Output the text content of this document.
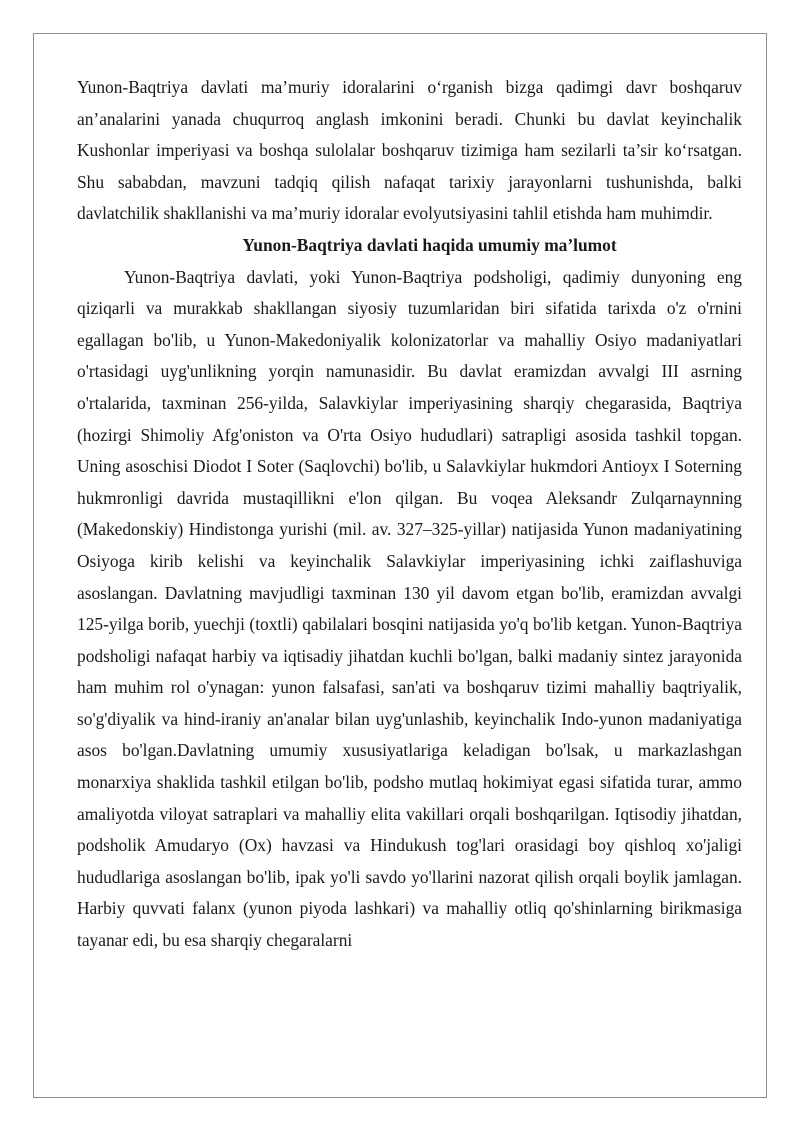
Yunon-Baqtriya davlati ma’muriy idoralarini o‘rganish bizga qadimgi davr boshqaruv an’analarini yanada chuqurroq anglash imkonini beradi. Chunki bu davlat keyinchalik Kushonlar imperiyasi va boshqa sulolalar boshqaruv tizimiga ham sezilarli ta’sir ko‘rsatgan. Shu sababdan, mavzuni tadqiq qilish nafaqat tarixiy jarayonlarni tushunishda, balki davlatchilik shakllanishi va ma’muriy idoralar evolyutsiyasini tahlil etishda ham muhimdir.

Yunon-Baqtriya davlati haqida umumiy ma’lumot

Yunon-Baqtriya davlati, yoki Yunon-Baqtriya podsholigi, qadimiy dunyoning eng qiziqarli va murakkab shakllangan siyosiy tuzumlaridan biri sifatida tarixda o'z o'rnini egallagan bo'lib, u Yunon-Makedoniyalik kolonizatorlar va mahalliy Osiyo madaniyatlari o'rtasidagi uyg'unlikning yorqin namunasidir. Bu davlat eramizdan avvalgi III asrning o'rtalarida, taxminan 256-yilda, Salavkiylar imperiyasining sharqiy chegarasida, Baqtriya (hozirgi Shimoliy Afg'oniston va O'rta Osiyo hududlari) satrapligi asosida tashkil topgan. Uning asoschisi Diodot I Soter (Saqlovchi) bo'lib, u Salavkiylar hukmdori Antioyx I Soterning hukmronligi davrida mustaqillikni e'lon qilgan. Bu voqea Aleksandr Zulqarnaynning (Makedonskiy) Hindistonga yurishi (mil. av. 327–325-yillar) natijasida Yunon madaniyatining Osiyoga kirib kelishi va keyinchalik Salavkiylar imperiyasining ichki zaiflashuviga asoslangan. Davlatning mavjudligi taxminan 130 yil davom etgan bo'lib, eramizdan avvalgi 125-yilga borib, yuechji (toxtli) qabilalari bosqini natijasida yo'q bo'lib ketgan. Yunon-Baqtriya podsholigi nafaqat harbiy va iqtisadiy jihatdan kuchli bo'lgan, balki madaniy sintez jarayonida ham muhim rol o'ynagan: yunon falsafasi, san'ati va boshqaruv tizimi mahalliy baqtriyalik, so'g'diyalik va hind-iraniy an'analar bilan uyg'unlashib, keyinchalik Indo-yunon madaniyatiga asos bo'lgan.Davlatning umumiy xususiyatlariga keladigan bo'lsak, u markazlashgan monarxiya shaklida tashkil etilgan bo'lib, podsho mutlaq hokimiyat egasi sifatida turar, ammo amaliyotda viloyat satraplari va mahalliy elita vakillari orqali boshqarilgan. Iqtisodiy jihatdan, podsholik Amudaryo (Ox) havzasi va Hindukush tog'lari orasidagi boy qishloq xo'jaligi hududlariga asoslangan bo'lib, ipak yo'li savdo yo'llarini nazorat qilish orqali boylik jamlagan. Harbiy quvvati falanx (yunon piyoda lashkari) va mahalliy otliq qo'shinlarning birikmasiga tayanar edi, bu esa sharqiy chegaralarni
